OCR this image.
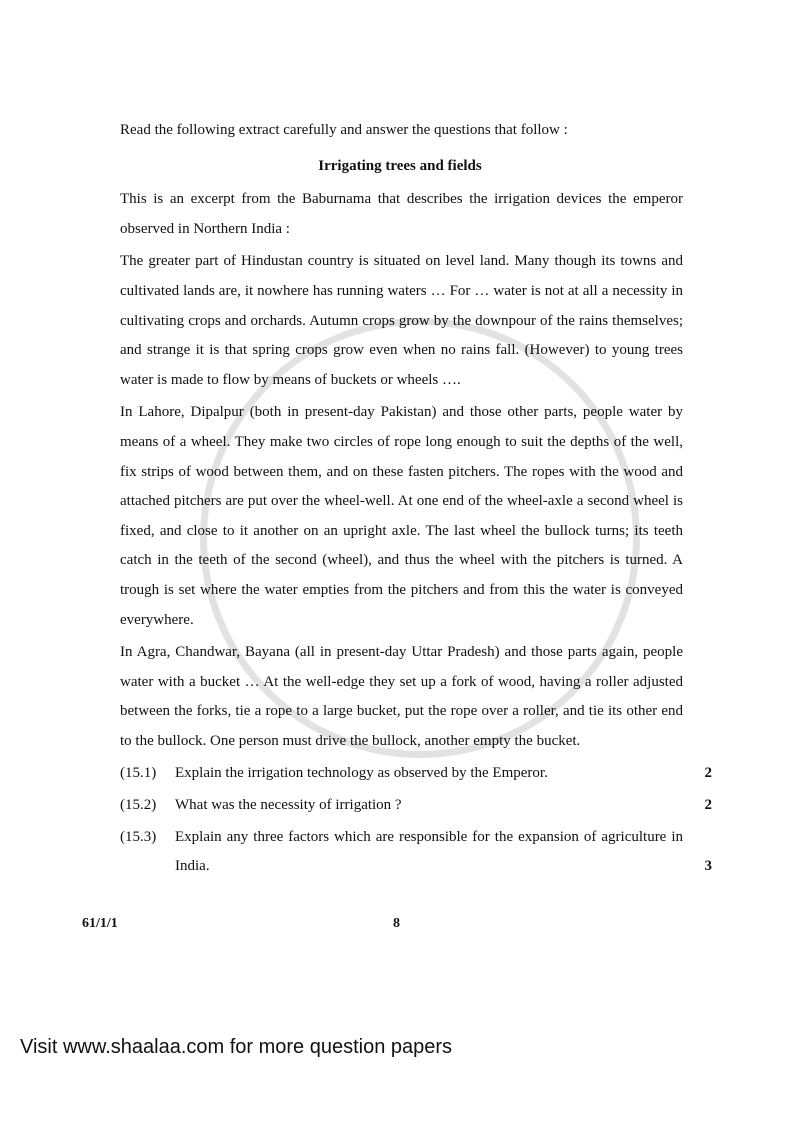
Read the following extract carefully and answer the questions that follow :
Irrigating trees and fields
This is an excerpt from the Baburnama that describes the irrigation devices the emperor observed in Northern India :
The greater part of Hindustan country is situated on level land. Many though its towns and cultivated lands are, it nowhere has running waters … For … water is not at all a necessity in cultivating crops and orchards. Autumn crops grow by the downpour of the rains themselves; and strange it is that spring crops grow even when no rains fall. (However) to young trees water is made to flow by means of buckets or wheels ….
In Lahore, Dipalpur (both in present-day Pakistan) and those other parts, people water by means of a wheel. They make two circles of rope long enough to suit the depths of the well, fix strips of wood between them, and on these fasten pitchers. The ropes with the wood and attached pitchers are put over the wheel-well. At one end of the wheel-axle a second wheel is fixed, and close to it another on an upright axle. The last wheel the bullock turns; its teeth catch in the teeth of the second (wheel), and thus the wheel with the pitchers is turned. A trough is set where the water empties from the pitchers and from this the water is conveyed everywhere.
In Agra, Chandwar, Bayana (all in present-day Uttar Pradesh) and those parts again, people water with a bucket … At the well-edge they set up a fork of wood, having a roller adjusted between the forks, tie a rope to a large bucket, put the rope over a roller, and tie its other end to the bullock. One person must drive the bullock, another empty the bucket.
(15.1)	Explain the irrigation technology as observed by the Emperor.	2
(15.2)	What was the necessity of irrigation ?	2
(15.3)	Explain any three factors which are responsible for the expansion of agriculture in India.	3
61/1/1	8
Visit www.shaalaa.com for more question papers
